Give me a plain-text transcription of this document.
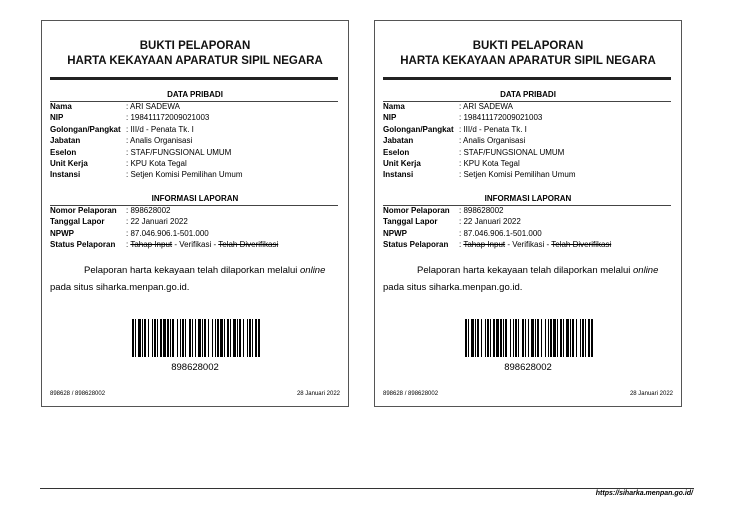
BUKTI PELAPORAN
HARTA KEKAYAAN APARATUR SIPIL NEGARA
DATA PRIBADI
Nama	: ARI SADEWA
NIP	: 198411172009021003
Golongan/Pangkat : III/d - Penata Tk. I
Jabatan	: Analis Organisasi
Eselon	: STAF/FUNGSIONAL UMUM
Unit Kerja	: KPU Kota Tegal
Instansi	: Setjen Komisi Pemilihan Umum
INFORMASI LAPORAN
Nomor Pelaporan : 898628002
Tanggal Lapor	: 22 Januari 2022
NPWP	: 87.046.906.1-501.000
Status Pelaporan : Tahap Input - Verifikasi - Telah Diverifikasi
Pelaporan harta kekayaan telah dilaporkan melalui online
pada situs siharka.menpan.go.id.
898628002
898628 / 898628002	28 Januari 2022
BUKTI PELAPORAN
HARTA KEKAYAAN APARATUR SIPIL NEGARA
DATA PRIBADI
Nama	: ARI SADEWA
NIP	: 198411172009021003
Golongan/Pangkat : III/d - Penata Tk. I
Jabatan	: Analis Organisasi
Eselon	: STAF/FUNGSIONAL UMUM
Unit Kerja	: KPU Kota Tegal
Instansi	: Setjen Komisi Pemilihan Umum
INFORMASI LAPORAN
Nomor Pelaporan : 898628002
Tanggal Lapor	: 22 Januari 2022
NPWP	: 87.046.906.1-501.000
Status Pelaporan : Tahap Input - Verifikasi - Telah Diverifikasi
Pelaporan harta kekayaan telah dilaporkan melalui online
pada situs siharka.menpan.go.id.
898628002
898628 / 898628002	28 Januari 2022
https://siharka.menpan.go.id/
